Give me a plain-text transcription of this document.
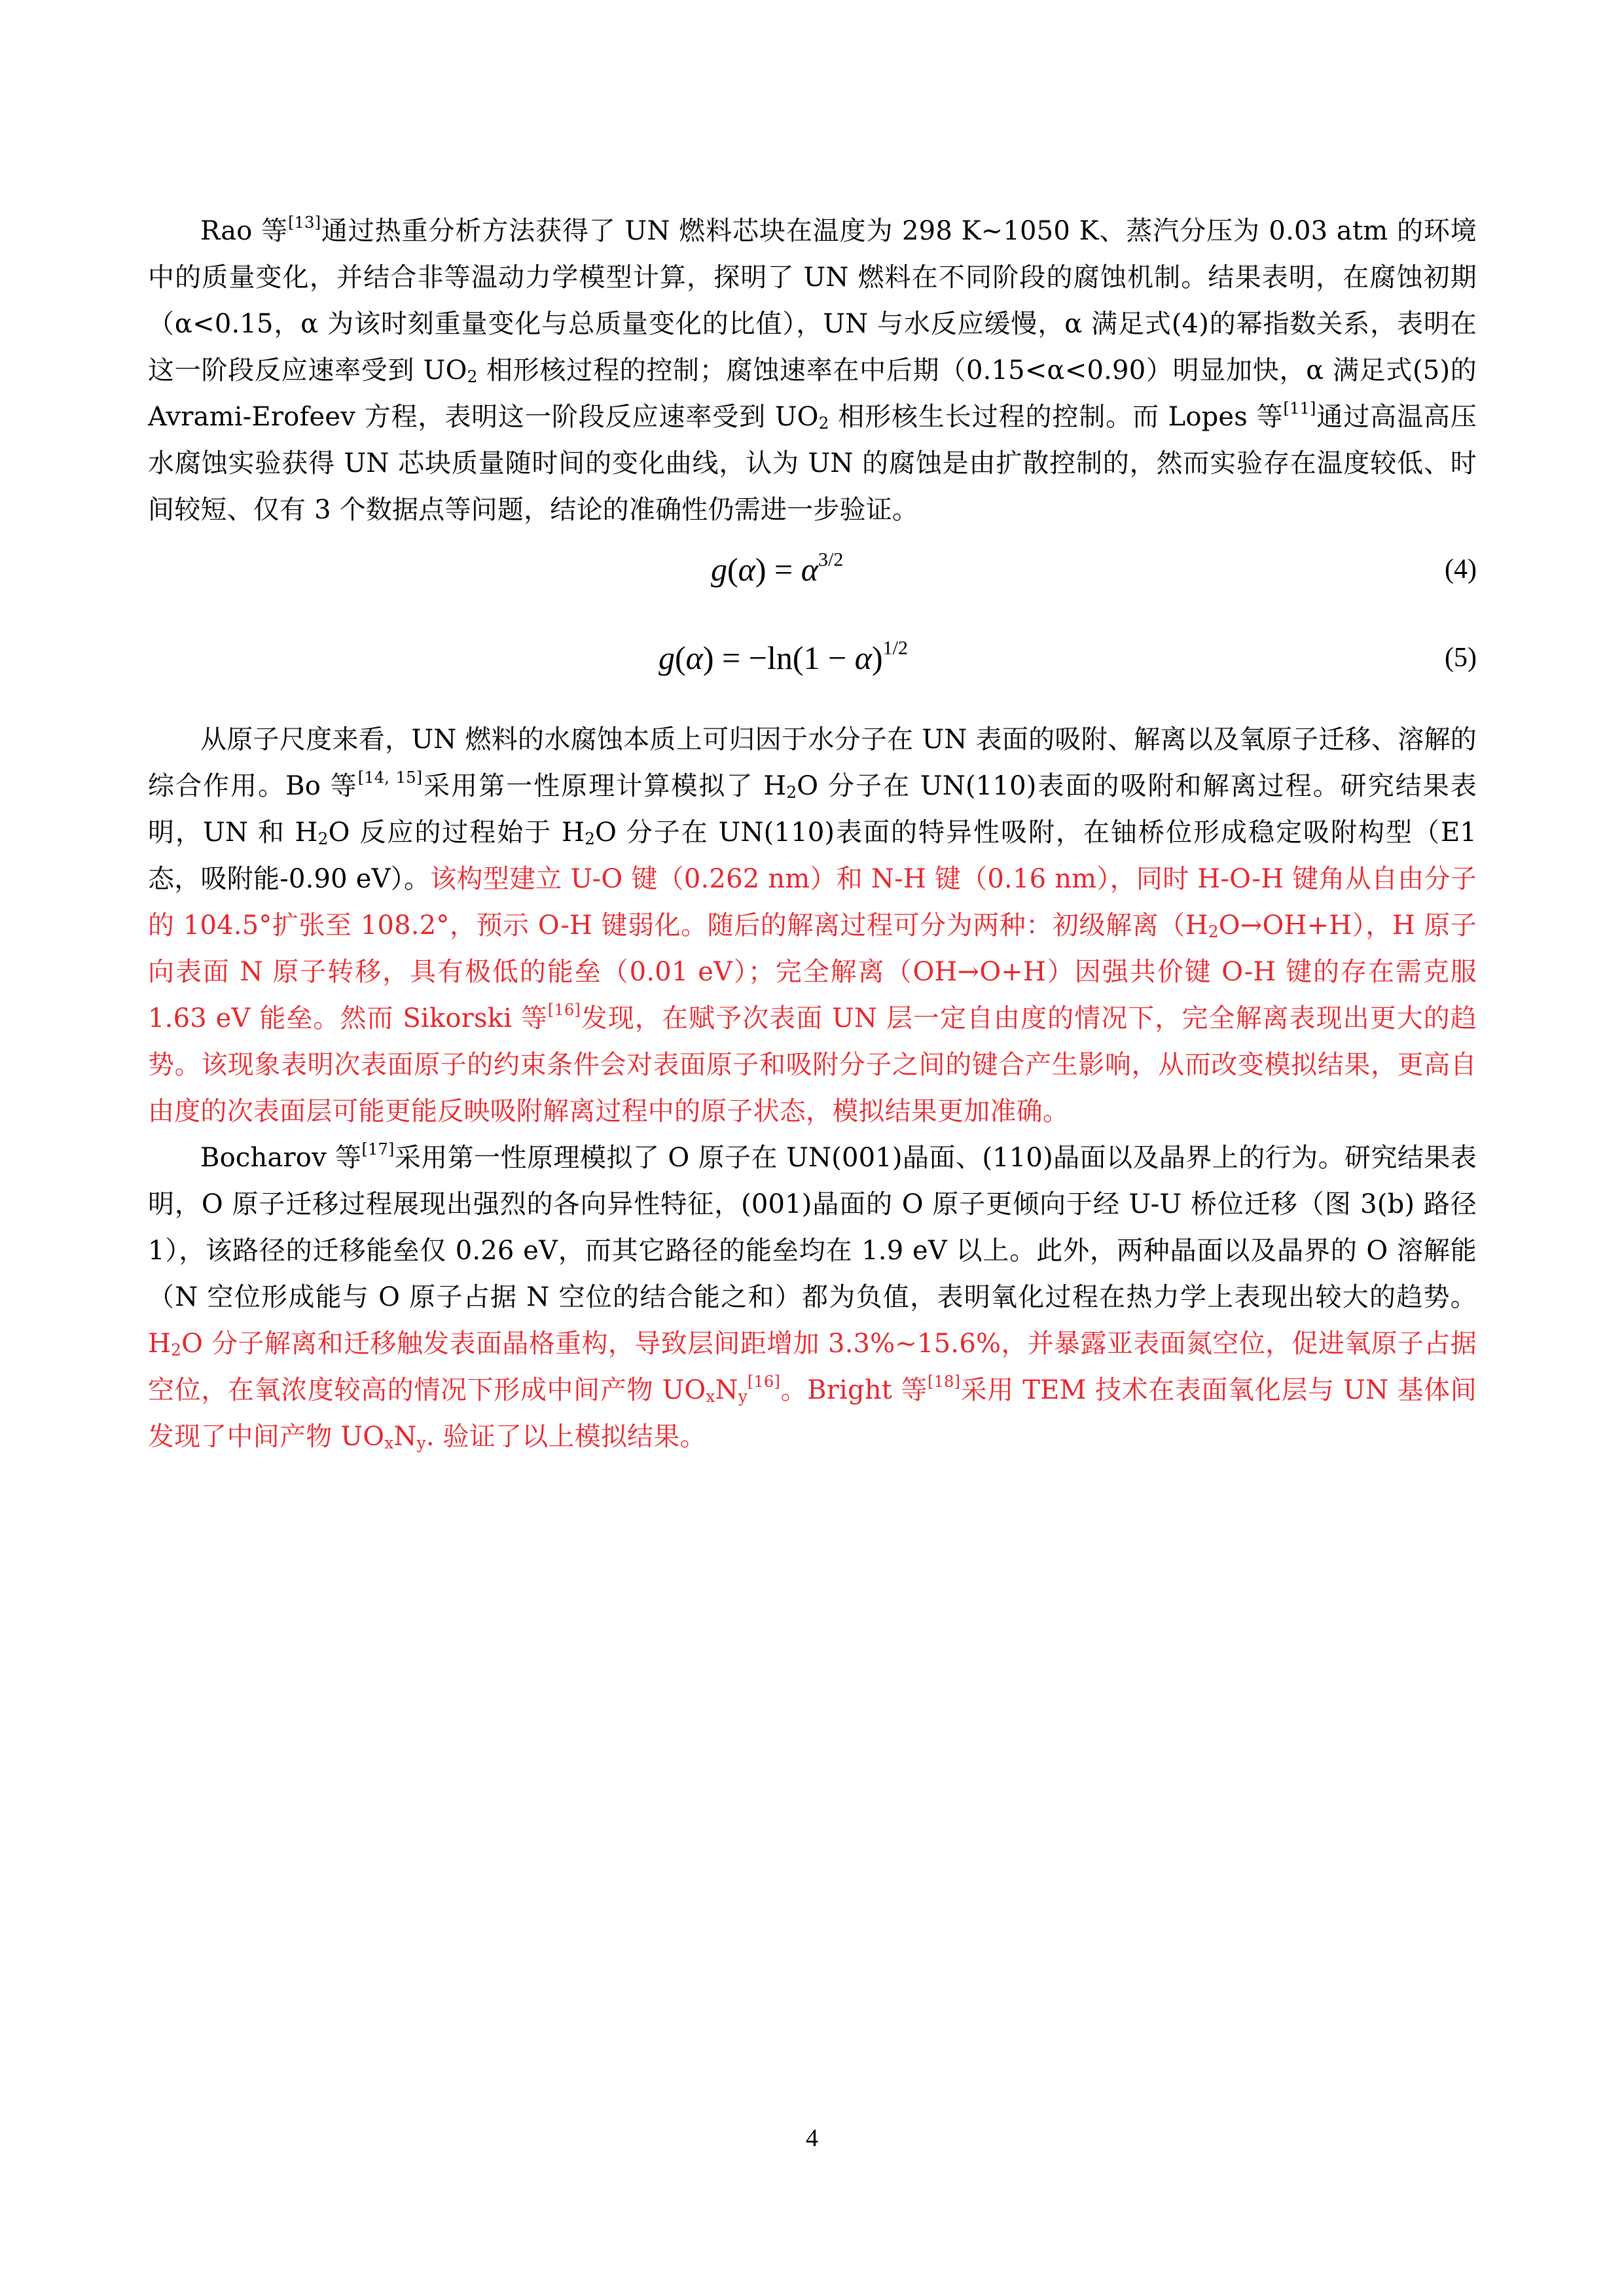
Rao 等[13]通过热重分析方法获得了 UN 燃料芯块在温度为 298 K~1050 K、蒸汽分压为 0.03 atm 的环境中的质量变化，并结合非等温动力学模型计算，探明了 UN 燃料在不同阶段的腐蚀机制。结果表明，在腐蚀初期（α<0.15，α 为该时刻重量变化与总质量变化的比值），UN 与水反应缓慢，α 满足式(4)的幂指数关系，表明在这一阶段反应速率受到 $UO_2$ 相形核过程的控制；腐蚀速率在中后期（0.15<α<0.90）明显加快，α 满足式(5)的 Avrami-Erofeev 方程，表明这一阶段反应速率受到 $UO_2$ 相形核生长过程的控制。而 Lopes 等[11]通过高温高压水腐蚀实验获得 UN 芯块质量随时间的变化曲线，认为 UN 的腐蚀是由扩散控制的，然而实验存在温度较低、时间较短、仅有 3 个数据点等问题，结论的准确性仍需进一步验证。

$g(\alpha) = \alpha^{3/2}$	(4)
$g(\alpha) = -\ln(1 - \alpha)^{1/2}$	(5)

从原子尺度来看，UN 燃料的水腐蚀本质上可归因于水分子在 UN 表面的吸附、解离以及氧原子迁移、溶解的综合作用。Bo 等[14, 15]采用第一性原理计算模拟了 $H_2O$ 分子在 UN(110)表面的吸附和解离过程。研究结果表明，UN 和 $H_2O$ 反应的过程始于 $H_2O$ 分子在 UN(110)表面的特异性吸附，在铀桥位形成稳定吸附构型（E1 态，吸附能-0.90 eV）。该构型建立 U-O 键（0.262 nm）和 N-H 键（0.16 nm），同时 H-O-H 键角从自由分子的 104.5°扩张至 108.2°，预示 O-H 键弱化。随后的解离过程可分为两种：初级解离$(H_2O\to OH+H)$，H 原子向表面 N 原子转移，具有极低的能垒（0.01 eV）；完全解离（OH→O+H）因强共价键 O-H 键的存在需克服 1.63 eV 能垒。然而 Sikorski 等[16]发现，在赋予次表面 UN 层一定自由度的情况下，完全解离表现出更大的趋势。该现象表明次表面原子的约束条件会对表面原子和吸附分子之间的键合产生影响，从而改变模拟结果，更高自由度的次表面层可能更能反映吸附解离过程中的原子状态，模拟结果更加准确。

Bocharov 等[17]采用第一性原理模拟了 O 原子在 UN(001)晶面、(110)晶面以及晶界上的行为。研究结果表明，O 原子迁移过程展现出强烈的各向异性特征，(001)晶面的 O 原子更倾向于经 U-U 桥位迁移（图 3(b) 路径 1），该路径的迁移能垒仅 0.26 eV，而其它路径的能垒均在 1.9 eV 以上。此外，两种晶面以及晶界的 O 溶解能（N 空位形成能与 O 原子占据 N 空位的结合能之和）都为负值，表明氧化过程在热力学上表现出较大的趋势。$H_2O$ 分子解离和迁移触发表面晶格重构，导致层间距增加 3.3%~15.6%，并暴露亚表面氮空位，促进氧原子占据空位，在氧浓度较高的情况下形成中间产物 $UO_xN_y[16]$。Bright 等[18]采用 TEM 技术在表面氧化层与 UN 基体间发现了中间产物 $UO_xN_y$. 验证了以上模拟结果。

4
